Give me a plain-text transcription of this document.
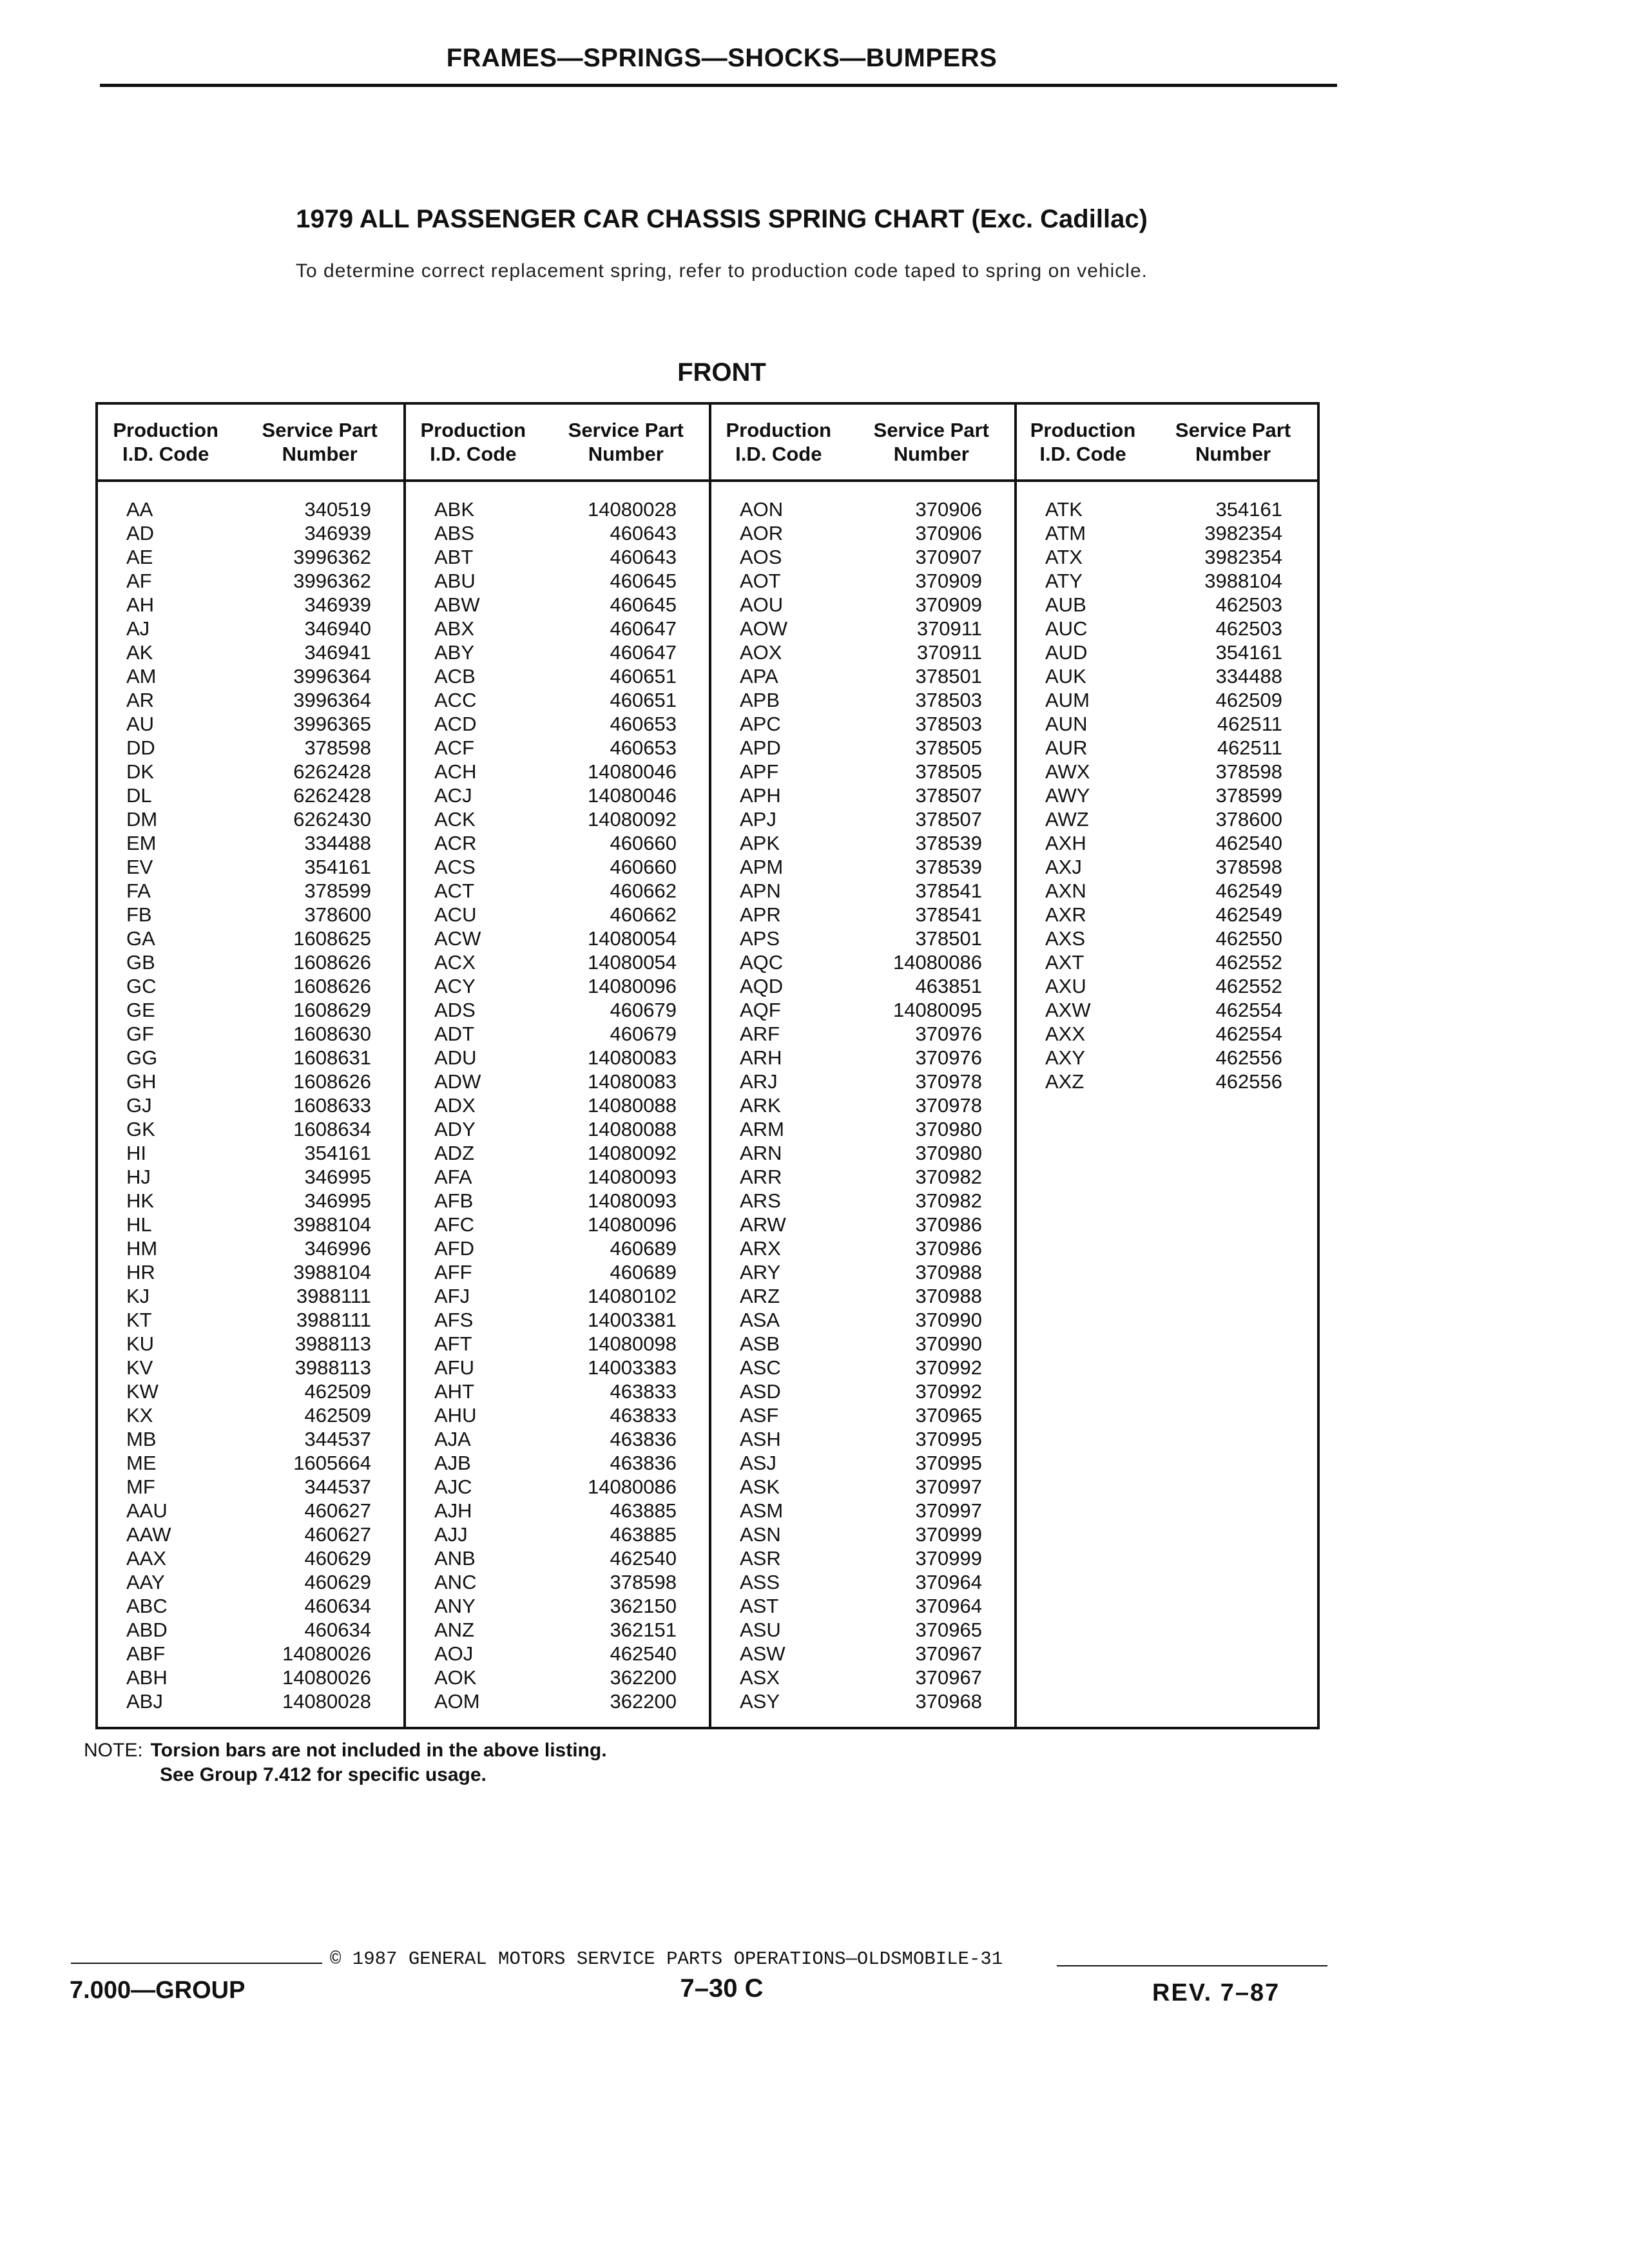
FRAMES—SPRINGS—SHOCKS—BUMPERS
1979 ALL PASSENGER CAR CHASSIS SPRING CHART (Exc. Cadillac)
To determine correct replacement spring, refer to production code taped to spring on vehicle.
FRONT
Production I.D. Code
Service Part Number
AA	340519
AD	346939
AE	3996362
AF	3996362
AH	346939
AJ	346940
AK	346941
AM	3996364
AR	3996364
AU	3996365
DD	378598
DK	6262428
DL	6262428
DM	6262430
EM	334488
EV	354161
FA	378599
FB	378600
GA	1608625
GB	1608626
GC	1608626
GE	1608629
GF	1608630
GG	1608631
GH	1608626
GJ	1608633
GK	1608634
HI	354161
HJ	346995
HK	346995
HL	3988104
HM	346996
HR	3988104
KJ	3988111
KT	3988111
KU	3988113
KV	3988113
KW	462509
KX	462509
MB	344537
ME	1605664
MF	344537
AAU	460627
AAW	460627
AAX	460629
AAY	460629
ABC	460634
ABD	460634
ABF	14080026
ABH	14080026
ABJ	14080028
Production I.D. Code
Service Part Number
ABK	14080028
ABS	460643
ABT	460643
ABU	460645
ABW	460645
ABX	460647
ABY	460647
ACB	460651
ACC	460651
ACD	460653
ACF	460653
ACH	14080046
ACJ	14080046
ACK	14080092
ACR	460660
ACS	460660
ACT	460662
ACU	460662
ACW	14080054
ACX	14080054
ACY	14080096
ADS	460679
ADT	460679
ADU	14080083
ADW	14080083
ADX	14080088
ADY	14080088
ADZ	14080092
AFA	14080093
AFB	14080093
AFC	14080096
AFD	460689
AFF	460689
AFJ	14080102
AFS	14003381
AFT	14080098
AFU	14003383
AHT	463833
AHU	463833
AJA	463836
AJB	463836
AJC	14080086
AJH	463885
AJJ	463885
ANB	462540
ANC	378598
ANY	362150
ANZ	362151
AOJ	462540
AOK	362200
AOM	362200
Production I.D. Code
Service Part Number
AON	370906
AOR	370906
AOS	370907
AOT	370909
AOU	370909
AOW	370911
AOX	370911
APA	378501
APB	378503
APC	378503
APD	378505
APF	378505
APH	378507
APJ	378507
APK	378539
APM	378539
APN	378541
APR	378541
APS	378501
AQC	14080086
AQD	463851
AQF	14080095
ARF	370976
ARH	370976
ARJ	370978
ARK	370978
ARM	370980
ARN	370980
ARR	370982
ARS	370982
ARW	370986
ARX	370986
ARY	370988
ARZ	370988
ASA	370990
ASB	370990
ASC	370992
ASD	370992
ASF	370965
ASH	370995
ASJ	370995
ASK	370997
ASM	370997
ASN	370999
ASR	370999
ASS	370964
AST	370964
ASU	370965
ASW	370967
ASX	370967
ASY	370968
Production I.D. Code
Service Part Number
ATK	354161
ATM	3982354
ATX	3982354
ATY	3988104
AUB	462503
AUC	462503
AUD	354161
AUK	334488
AUM	462509
AUN	462511
AUR	462511
AWX	378598
AWY	378599
AWZ	378600
AXH	462540
AXJ	378598
AXN	462549
AXR	462549
AXS	462550
AXT	462552
AXU	462552
AXW	462554
AXX	462554
AXY	462556
AXZ	462556
NOTE: Torsion bars are not included in the above listing.
See Group 7.412 for specific usage.
© 1987 GENERAL MOTORS SERVICE PARTS OPERATIONS—OLDSMOBILE-31
7.000—GROUP	7–30 C	REV. 7–87
